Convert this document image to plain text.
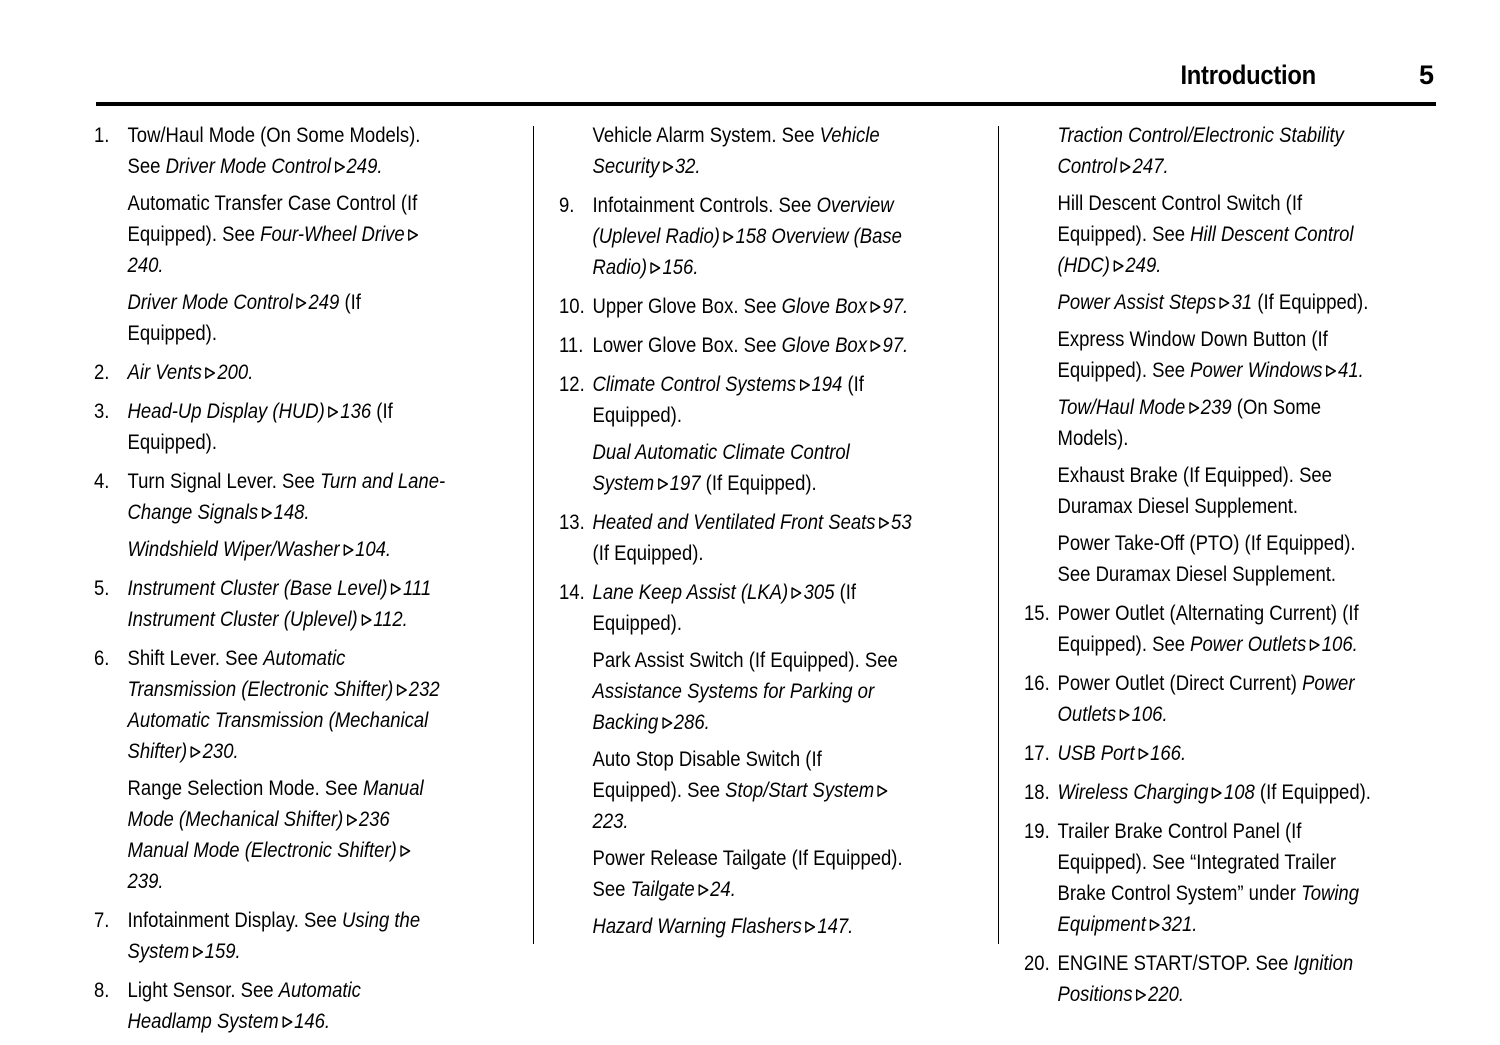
Introduction	5
1. Tow/Haul Mode (On Some Models). See Driver Mode Control 249.
Automatic Transfer Case Control (If Equipped). See Four-Wheel Drive
240.
Driver Mode Control 249 (If Equipped).
2. Air Vents 200.
3. Head-Up Display (HUD) 136 (If Equipped).
4. Turn Signal Lever. See Turn and Lane-Change Signals 148.
Windshield Wiper/Washer 104.
5. Instrument Cluster (Base Level) 111 Instrument Cluster (Uplevel) 112.
6. Shift Lever. See Automatic Transmission (Electronic Shifter) 232 Automatic Transmission (Mechanical Shifter) 230.
Range Selection Mode. See Manual Mode (Mechanical Shifter) 236 Manual Mode (Electronic Shifter)
239.
7. Infotainment Display. See Using the System 159.
8. Light Sensor. See Automatic Headlamp System 146.
Vehicle Alarm System. See Vehicle Security 32.
9. Infotainment Controls. See Overview (Uplevel Radio) 158 Overview (Base Radio) 156.
10. Upper Glove Box. See Glove Box 97.
11. Lower Glove Box. See Glove Box 97.
12. Climate Control Systems 194 (If Equipped).
Dual Automatic Climate Control System 197 (If Equipped).
13. Heated and Ventilated Front Seats 53 (If Equipped).
14. Lane Keep Assist (LKA) 305 (If Equipped).
Park Assist Switch (If Equipped). See Assistance Systems for Parking or Backing 286.
Auto Stop Disable Switch (If Equipped). See Stop/Start System
223.
Power Release Tailgate (If Equipped). See Tailgate 24.
Hazard Warning Flashers 147.
Traction Control/Electronic Stability Control 247.
Hill Descent Control Switch (If Equipped). See Hill Descent Control (HDC) 249.
Power Assist Steps 31 (If Equipped).
Express Window Down Button (If Equipped). See Power Windows 41.
Tow/Haul Mode 239 (On Some Models).
Exhaust Brake (If Equipped). See Duramax Diesel Supplement.
Power Take-Off (PTO) (If Equipped). See Duramax Diesel Supplement.
15. Power Outlet (Alternating Current) (If Equipped). See Power Outlets 106.
16. Power Outlet (Direct Current) Power Outlets 106.
17. USB Port 166.
18. Wireless Charging 108 (If Equipped).
19. Trailer Brake Control Panel (If Equipped). See “Integrated Trailer Brake Control System” under Towing Equipment 321.
20. ENGINE START/STOP. See Ignition Positions 220.
